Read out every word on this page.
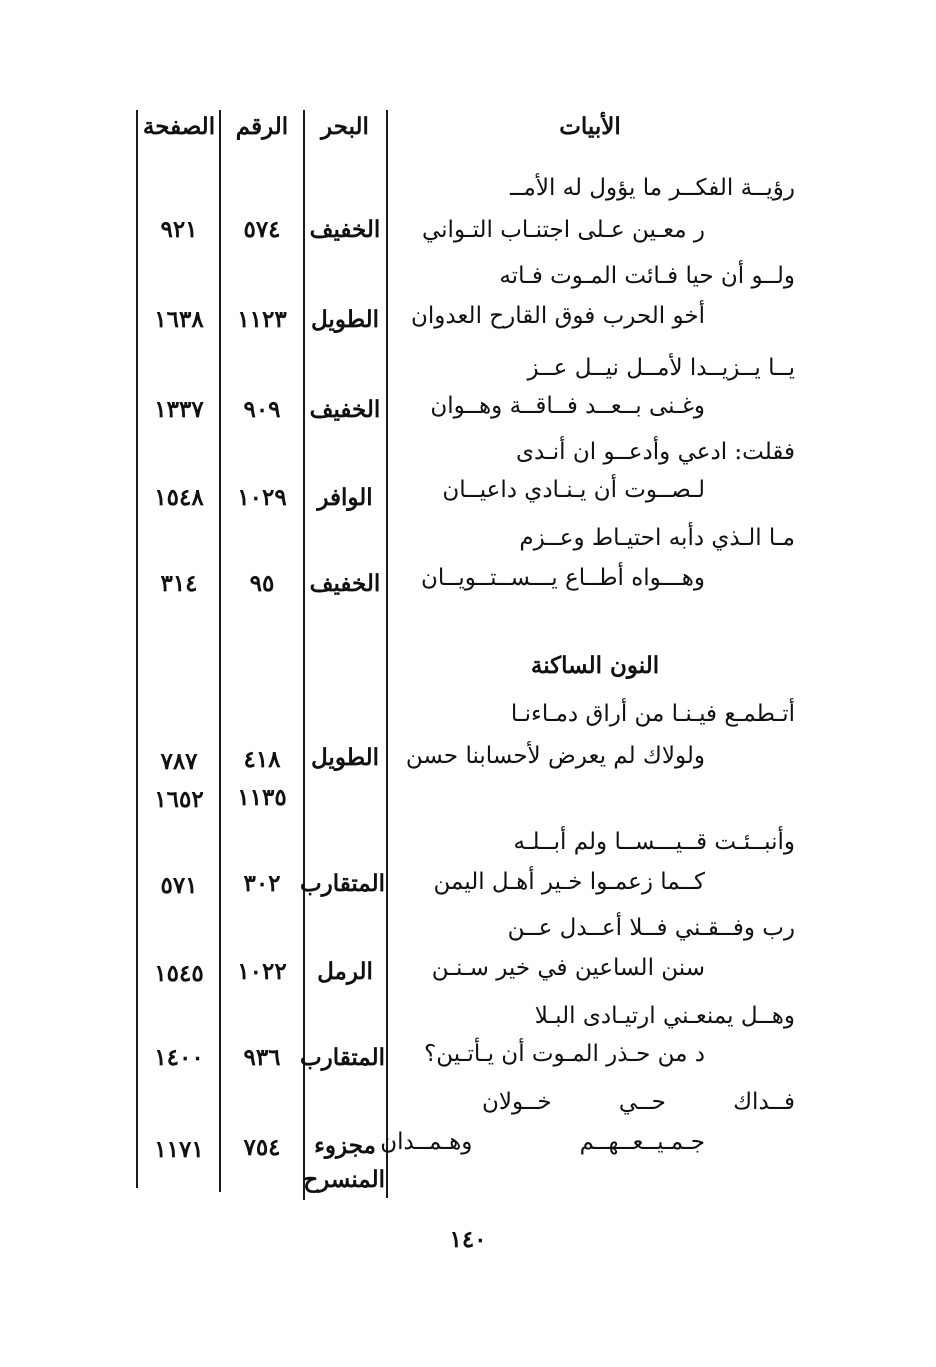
الأبيات
البحر
الرقم
الصفحة
رؤيــة الفكــر ما يؤول له الأمــ
ر معـين عـلى اجتنـاب التـواني
الخفيف
٥٧٤
٩٢١
ولــو أن حيا فـائت المـوت فـاته
أخو الحرب فوق القارح العدوان
الطويل
١١٢٣
١٦٣٨
يــا يــزيــدا لأمــل نيــل عــز
وغـنى بــعــد فــاقــة وهــوان
الخفيف
٩٠٩
١٣٣٧
فقلت: ادعي وأدعــو ان أنـدى
لـصــوت أن يـنـادي داعيــان
الوافر
١٠٢٩
١٥٤٨
مـا الـذي دأبه احتيـاط وعــزم
وهـــواه أطــاع يـــســتــويــان
الخفيف
٩٥
٣١٤
النون الساكنة
أتـطمـع فيـنـا من أراق دمـاءنـا
ولولاك لم يعرض لأحسابنا حسن
الطويل
٤١٨
٧٨٧
١١٣٥
١٦٥٢
وأنبــئـت قــيـــســا ولم أبــلـه
كــما زعمـوا خـير أهـل اليمن
المتقارب
٣٠٢
٥٧١
رب وفــقـني فــلا أعــدل عــن
سنن الساعين في خير سـنـن
الرمل
١٠٢٢
١٥٤٥
وهــل يمنعـني ارتيـادى البـلا
د من حـذر المـوت أن يـأتـين؟
المتقارب
٩٣٦
١٤٠٠
فــداك حــي خــولان
جـمـيــعــهــم وهـمــدان
مجزوء
المنسرح
٧٥٤
١١٧١
١٤٠
